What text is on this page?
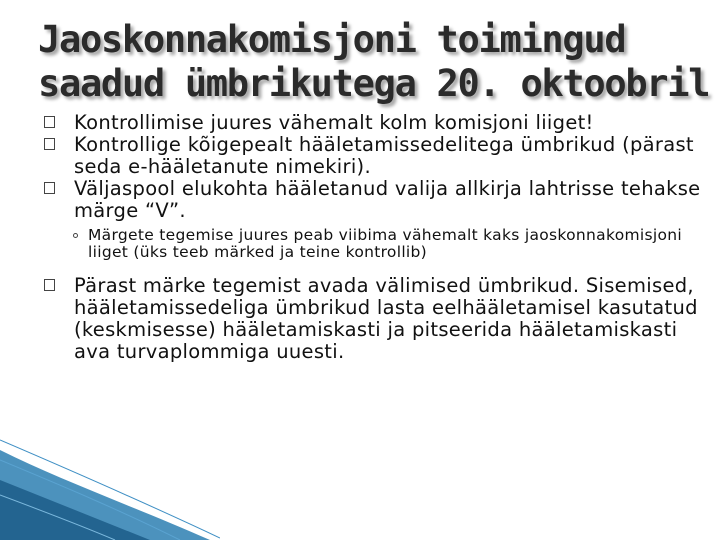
Jaoskonnakomisjoni toimingud
saadud ümbrikutega 20. oktoobril
Kontrollimise juures vähemalt kolm komisjoni liiget!
Kontrollige kõigepealt hääletamissedelitega ümbrikud (pärast seda e-hääletanute nimekiri).
Väljaspool elukohta hääletanud valija allkirja lahtrisse tehakse märge “V”.
Märgete tegemise juures peab viibima vähemalt kaks jaoskonnakomisjoni liiget (üks teeb märked ja teine kontrollib)
Pärast märke tegemist avada välimised ümbrikud. Sisemised, hääletamissedeliga ümbrikud lasta eelhääletamisel kasutatud (keskmisesse) hääletamiskasti ja pitseerida hääletamiskasti ava turvaplommiga uuesti.
